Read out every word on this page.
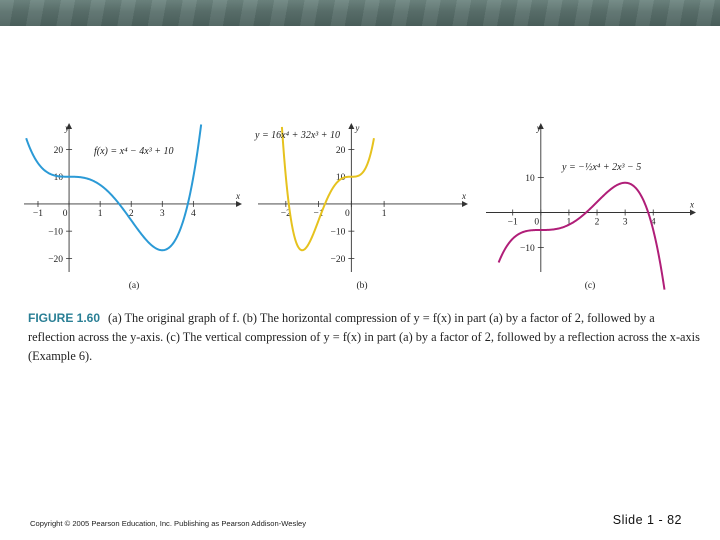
x
y
−1 0	1	2	3	4
20
10
−10
−20
f(x) = x⁴ − 4x³ + 10
(a)
x
y
−2 −1 0	1
20
10
−10
−20
y = 16x⁴ + 32x³ + 10
(b)
x
y
−1 0	1 2 3 4
10
−10
y = −½x⁴ + 2x³ − 5
(c)
FIGURE 1.60 (a) The original graph of f. (b) The horizontal compression of y = f(x) in part (a) by a factor of 2, followed by a reflection across the y-axis. (c) The vertical compression of y = f(x) in part (a) by a factor of 2, followed by a reflection across the x-axis (Example 6).
Copyright © 2005 Pearson Education, Inc. Publishing as Pearson Addison-Wesley	Slide 1 - 82
